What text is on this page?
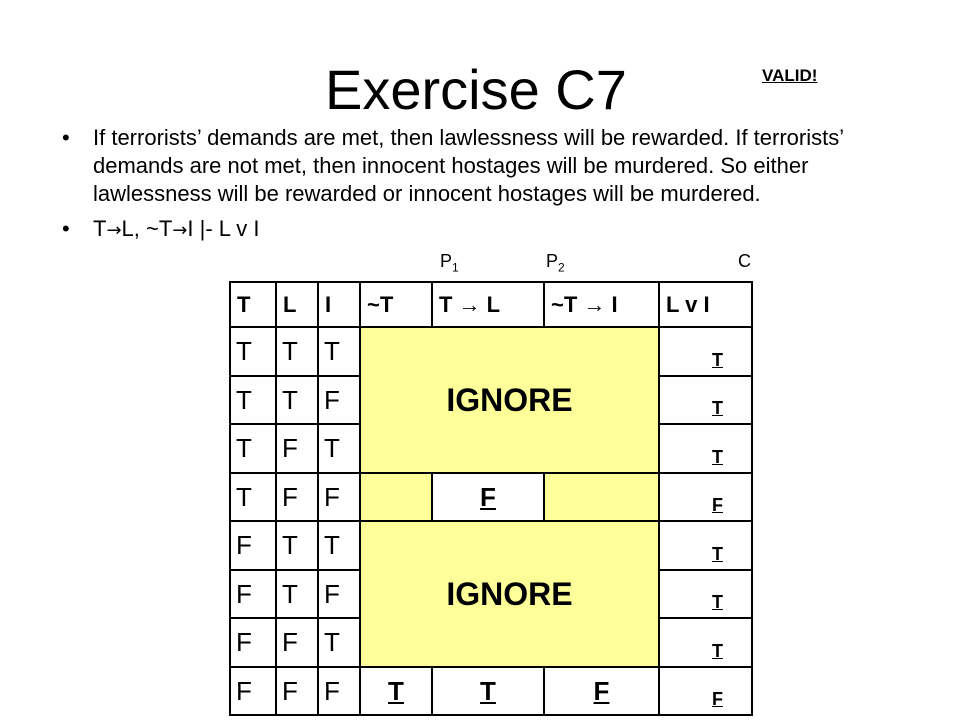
Exercise C7	VALID!
• If terrorists’ demands are met, then lawlessness will be rewarded. If terrorists’ demands are not met, then innocent hostages will be murdered. So either lawlessness will be rewarded or innocent hostages will be murdered.
• T→L, ~T→I |- L v I
$P_1$	$P_2$	C
T	L	I	~T	T → L	~T → I	L v I
T	T	T	IGNORE			T
T	T	F				T
T	F	T				T
T	F	F		F		F
F	T	T	IGNORE			T
F	T	F				T
F	F	T				T
F	F	F	T	T	F	F
